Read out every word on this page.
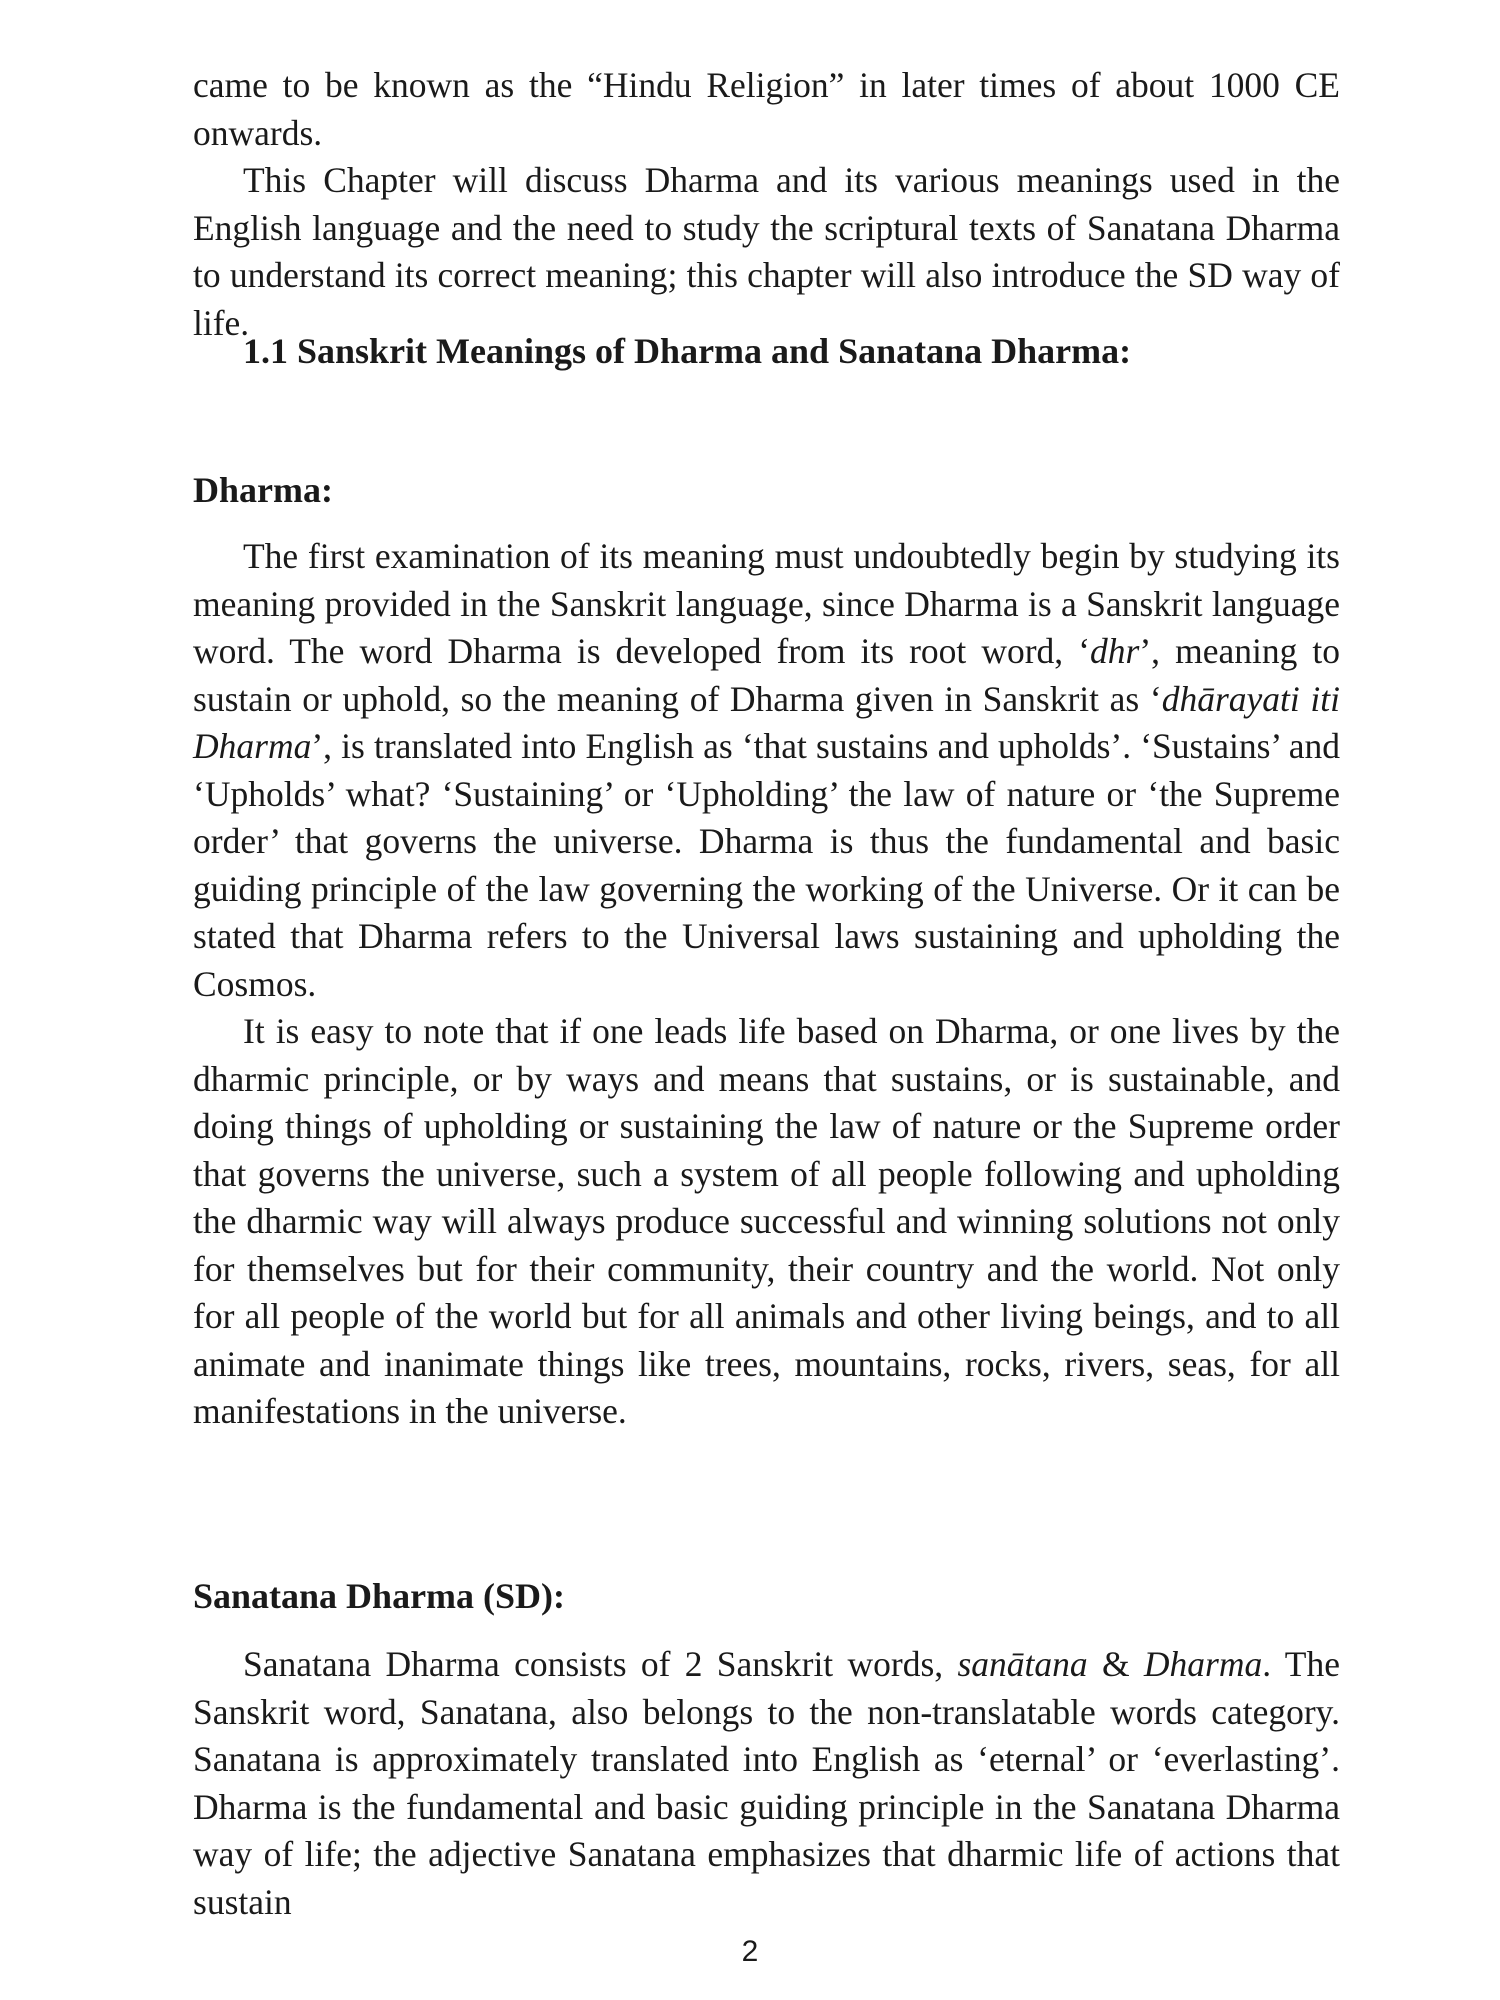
came to be known as the “Hindu Religion” in later times of about 1000 CE onwards.

This Chapter will discuss Dharma and its various meanings used in the English language and the need to study the scriptural texts of Sanatana Dharma to understand its correct meaning; this chapter will also introduce the SD way of life.

1.1 Sanskrit Meanings of Dharma and Sanatana Dharma:

Dharma:

The first examination of its meaning must undoubtedly begin by studying its meaning provided in the Sanskrit language, since Dharma is a Sanskrit language word. The word Dharma is developed from its root word, ‘dhr’, meaning to sustain or uphold, so the meaning of Dharma given in Sanskrit as ‘dhārayati iti Dharma’, is translated into English as ‘that sustains and upholds’. ‘Sustains’ and ‘Upholds’ what? ‘Sustaining’ or ‘Upholding’ the law of nature or ‘the Supreme order’ that governs the universe. Dharma is thus the fundamental and basic guiding principle of the law governing the working of the Universe. Or it can be stated that Dharma refers to the Universal laws sustaining and upholding the Cosmos.

It is easy to note that if one leads life based on Dharma, or one lives by the dharmic principle, or by ways and means that sustains, or is sustainable, and doing things of upholding or sustaining the law of nature or the Supreme order that governs the universe, such a system of all people following and upholding the dharmic way will always produce successful and winning solutions not only for themselves but for their community, their country and the world. Not only for all people of the world but for all animals and other living beings, and to all animate and inanimate things like trees, mountains, rocks, rivers, seas, for all manifestations in the universe.

Sanatana Dharma (SD):

Sanatana Dharma consists of 2 Sanskrit words, sanātana & Dharma. The Sanskrit word, Sanatana, also belongs to the non-translatable words category. Sanatana is approximately translated into English as ‘eternal’ or ‘everlasting’. Dharma is the fundamental and basic guiding principle in the Sanatana Dharma way of life; the adjective Sanatana emphasizes that dharmic life of actions that sustain

2
